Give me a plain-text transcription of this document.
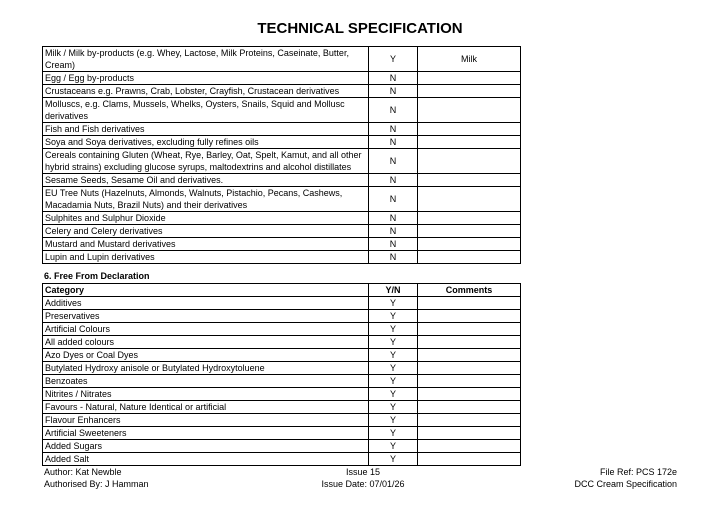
TECHNICAL SPECIFICATION
Milk / Milk by-products (e.g. Whey, Lactose, Milk Proteins, Caseinate, Butter, Cream)	Y	Milk
Egg / Egg by-products	N	
Crustaceans e.g. Prawns, Crab, Lobster, Crayfish, Crustacean derivatives	N	
Molluscs, e.g. Clams, Mussels, Whelks, Oysters, Snails, Squid and Mollusc derivatives	N	
Fish and Fish derivatives	N	
Soya and Soya derivatives, excluding fully refines oils	N	
Cereals containing Gluten (Wheat, Rye, Barley, Oat, Spelt, Kamut, and all other hybrid strains) excluding glucose syrups, maltodextrins and alcohol distillates	N	
Sesame Seeds, Sesame Oil and derivatives.	N	
EU Tree Nuts (Hazelnuts, Almonds, Walnuts, Pistachio, Pecans, Cashews, Macadamia Nuts, Brazil Nuts) and their derivatives	N	
Sulphites and Sulphur Dioxide	N	
Celery and Celery derivatives	N	
Mustard and Mustard derivatives	N	
Lupin and Lupin derivatives	N	
6. Free From Declaration
Category	Y/N	Comments
Additives	Y	
Preservatives	Y	
Artificial Colours	Y	
All added colours	Y	
Azo Dyes or Coal Dyes	Y	
Butylated Hydroxy anisole or Butylated Hydroxytoluene	Y	
Benzoates	Y	
Nitrites / Nitrates	Y	
Favours - Natural, Nature Identical or artificial	Y	
Flavour Enhancers	Y	
Artificial Sweeteners	Y	
Added Sugars	Y	
Added Salt	Y	
Author: Kat Newble
Authorised By: J Hamman
Issue 15
Issue Date: 07/01/26
File Ref: PCS 172e
DCC Cream Specification
